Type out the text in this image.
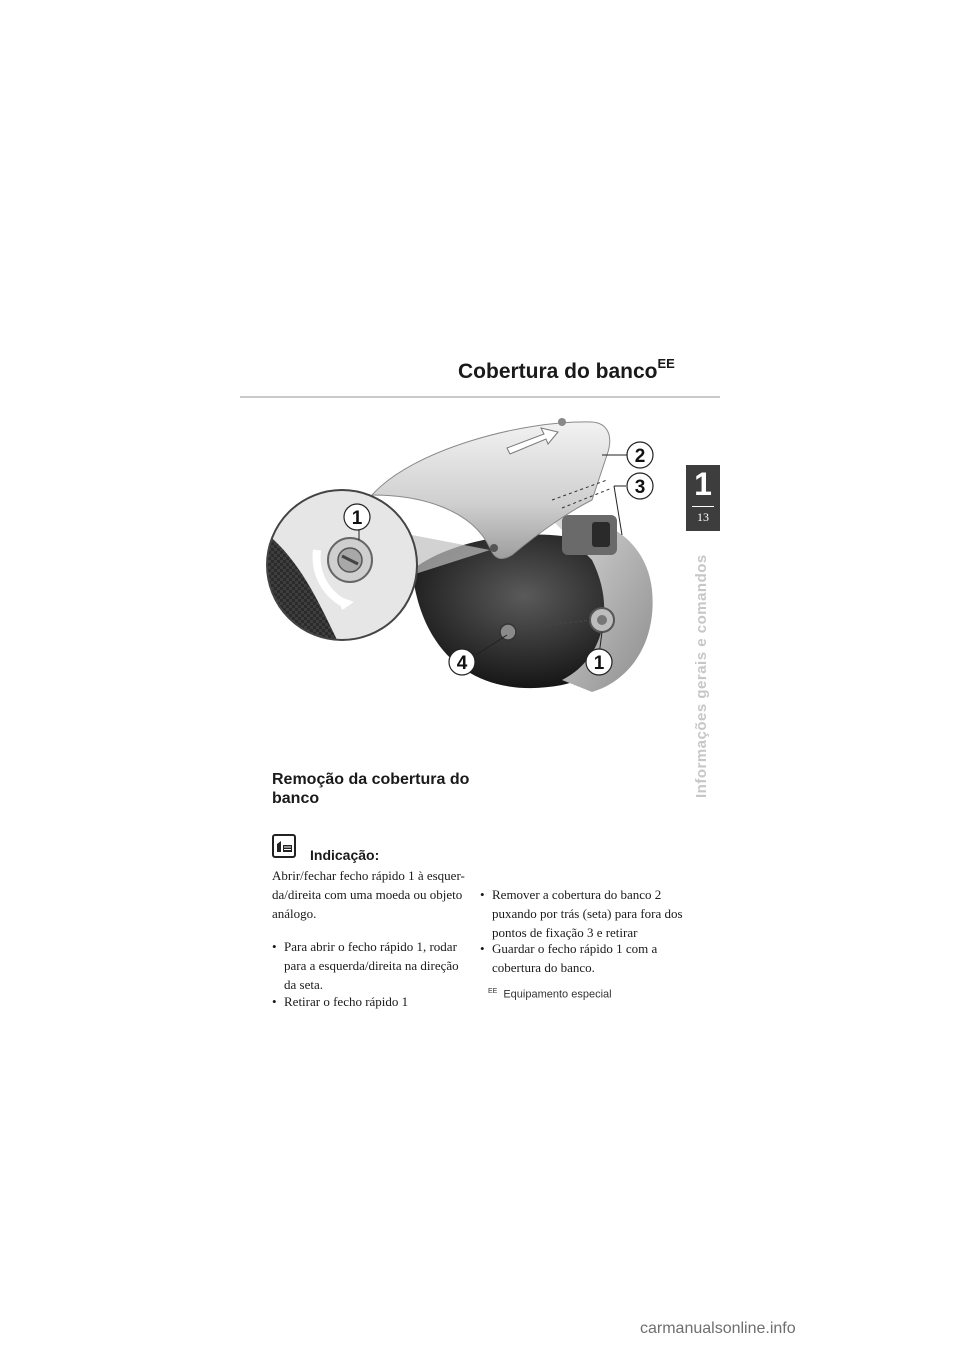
Cobertura do banco$^{EE}$
1
13
Informações gerais e comandos
1
2
3
4	1
Remoção da cobertura do banco
Indicação:
Abrir/fechar fecho rápido 1 à esquer-da/direita com uma moeda ou objeto análogo.
• Para abrir o fecho rápido 1, rodar para a esquerda/direita na direção da seta.
• Retirar o fecho rápido 1
• Remover a cobertura do banco 2 puxando por trás (seta) para fora dos pontos de fixação 3 e retirar
• Guardar o fecho rápido 1 com a cobertura do banco.
$^{EE}$ Equipamento especial
carmanualsonline.info
